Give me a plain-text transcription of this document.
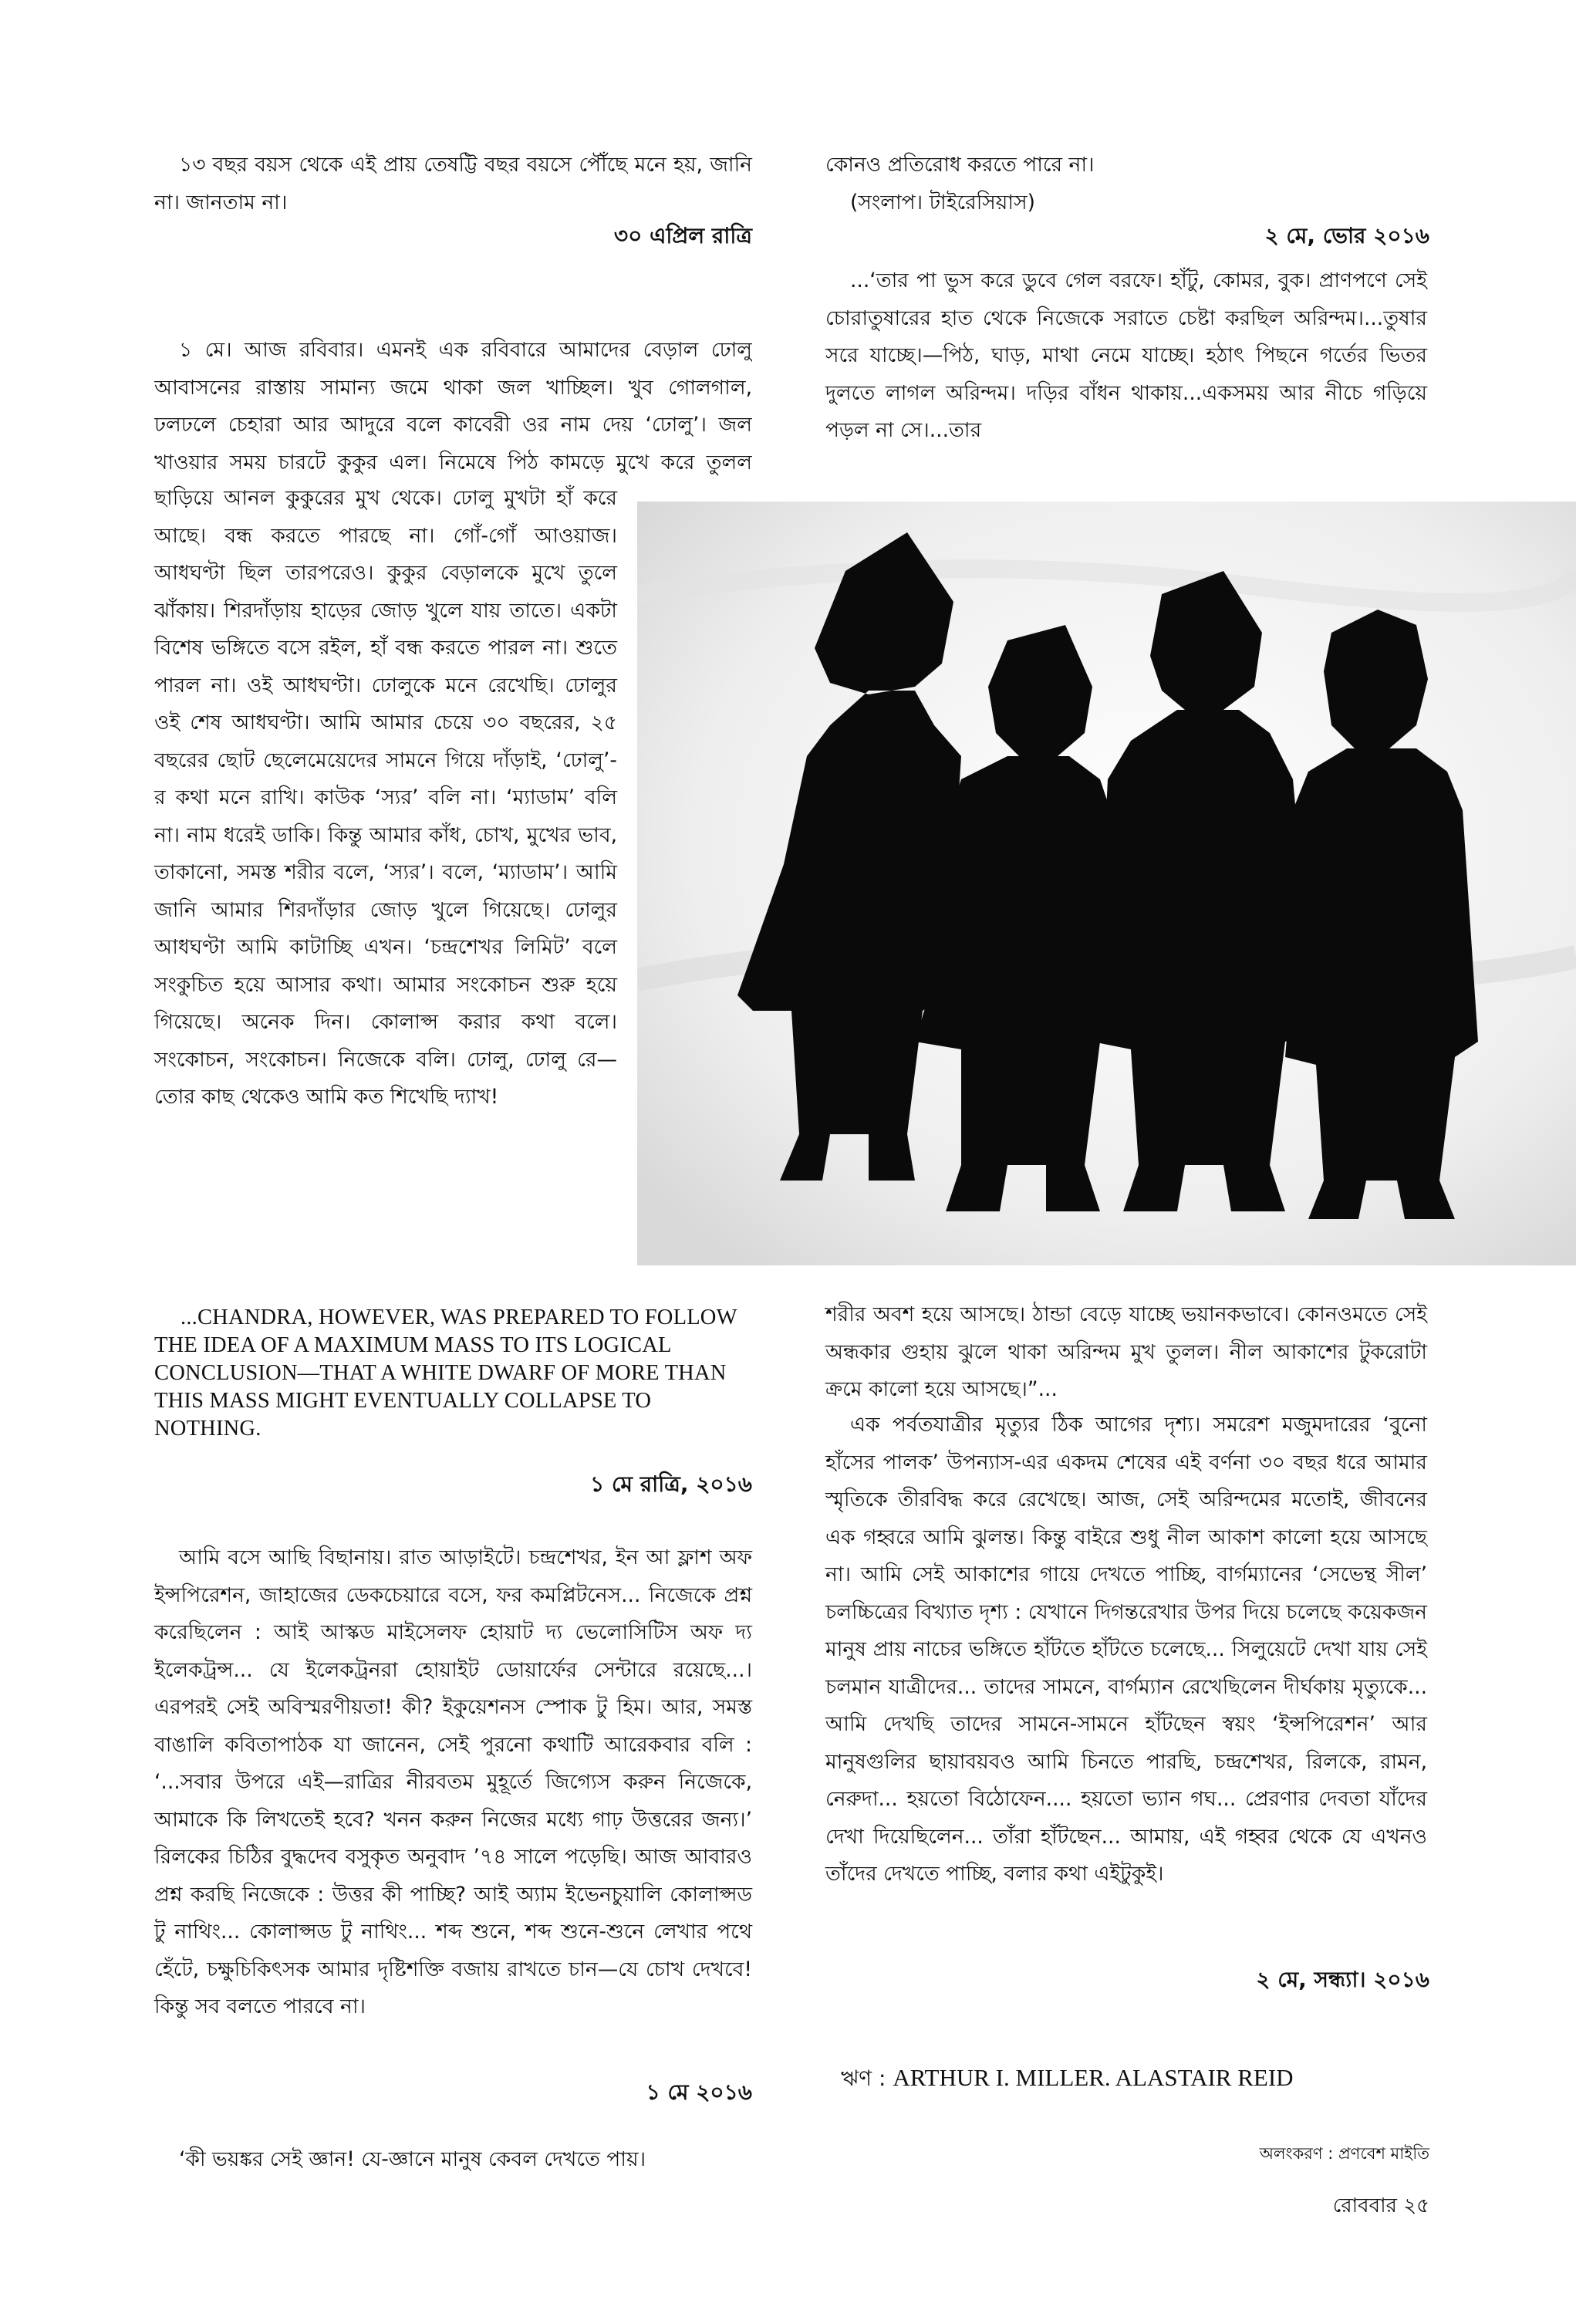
১৩ বছর বয়স থেকে এই প্রায় তেষট্টি বছর বয়সে পৌঁছে মনে হয়, জানি না। জানতাম না।

৩০ এপ্রিল রাত্রি

১ মে। আজ রবিবার। এমনই এক রবিবারে আমাদের বেড়াল ঢোলু আবাসনের রাস্তায় সামান্য জমে থাকা জল খাচ্ছিল। খুব গোলগাল, ঢলঢলে চেহারা আর আদুরে বলে কাবেরী ওর নাম দেয় ‘ঢোলু’। জল খাওয়ার সময় চারটে কুকুর এল। নিমেষে পিঠ কামড়ে মুখে করে তুলল

ছাড়িয়ে আনল কুকুরের মুখ থেকে। ঢোলু মুখটা হাঁ করে আছে। বন্ধ করতে পারছে না। গোঁ-গোঁ আওয়াজ। আধঘণ্টা ছিল তারপরেও। কুকুর বেড়ালকে মুখে তুলে ঝাঁকায়। শিরদাঁড়ায় হাড়ের জোড় খুলে যায় তাতে। একটা বিশেষ ভঙ্গিতে বসে রইল, হাঁ বন্ধ করতে পারল না। শুতে পারল না। ওই আধঘণ্টা। ঢোলুকে মনে রেখেছি। ঢোলুর ওই শেষ আধঘণ্টা। আমি আমার চেয়ে ৩০ বছরের, ২৫ বছরের ছোট ছেলেমেয়েদের সামনে গিয়ে দাঁড়াই, ‘ঢোলু’-র কথা মনে রাখি। কাউক ‘স্যর’ বলি না। ‘ম্যাডাম’ বলি না। নাম ধরেই ডাকি। কিন্তু আমার কাঁধ, চোখ, মুখের ভাব, তাকানো, সমস্ত শরীর বলে, ‘স্যর’। বলে, ‘ম্যাডাম’। আমি জানি আমার শিরদাঁড়ার জোড় খুলে গিয়েছে। ঢোলুর আধঘণ্টা আমি কাটাচ্ছি এখন। ‘চন্দ্রশেখর লিমিট’ বলে সংকুচিত হয়ে আসার কথা। আমার সংকোচন শুরু হয়ে গিয়েছে। অনেক দিন। কোলাপ্স করার কথা বলে। সংকোচন, সংকোচন। নিজেকে বলি। ঢোলু, ঢোলু রে—তোর কাছ থেকেও আমি কত শিখেছি দ্যাখ!

...CHANDRA, HOWEVER, WAS PREPARED TO FOLLOW THE IDEA OF A MAXIMUM MASS TO ITS LOGICAL CONCLUSION—THAT A WHITE DWARF OF MORE THAN THIS MASS MIGHT EVENTUALLY COLLAPSE TO NOTHING.
১ মে রাত্রি, ২০১৬

আমি বসে আছি বিছানায়। রাত আড়াইটে। চন্দ্রশেখর, ইন আ ফ্লাশ অফ ইন্সপিরেশন, জাহাজের ডেকচেয়ারে বসে, ফর কমপ্লিটনেস... নিজেকে প্রশ্ন করেছিলেন : আই আস্কড মাইসেলফ হোয়াট দ্য ভেলোসিটিস অফ দ্য ইলেকট্রন্স... যে ইলেকট্রনরা হোয়াইট ডোয়ার্ফের সেন্টারে রয়েছে...। এরপরই সেই অবিস্মরণীয়তা! কী? ইকুয়েশনস স্পোক টু হিম। আর, সমস্ত বাঙালি কবিতাপাঠক যা জানেন, সেই পুরনো কথাটি আরেকবার বলি : ‘...সবার উপরে এই—রাত্রির নীরবতম মুহূর্তে জিগ্যেস করুন নিজেকে, আমাকে কি লিখতেই হবে? খনন করুন নিজের মধ্যে গাঢ় উত্তরের জন্য।’ রিলকের চিঠির বুদ্ধদেব বসুকৃত অনুবাদ ’৭৪ সালে পড়েছি। আজ আবারও প্রশ্ন করছি নিজেকে : উত্তর কী পাচ্ছি? আই অ্যাম ইভেনচুয়ালি কোলাপ্সড টু নাথিং... কোলাপ্সড টু নাথিং... শব্দ শুনে, শব্দ শুনে-শুনে লেখার পথে হেঁটে, চক্ষুচিকিৎসক আমার দৃষ্টিশক্তি বজায় রাখতে চান—যে চোখ দেখবে! কিন্তু সব বলতে পারবে না।

১ মে ২০১৬

‘কী ভয়ঙ্কর সেই জ্ঞান! যে-জ্ঞানে মানুষ কেবল দেখতে পায়।

কোনও প্রতিরোধ করতে পারে না।

(সংলাপ। টাইরেসিয়াস)

২ মে, ভোর ২০১৬

...‘তার পা ভুস করে ডুবে গেল বরফে। হাঁটু, কোমর, বুক। প্রাণপণে সেই চোরাতুষারের হাত থেকে নিজেকে সরাতে চেষ্টা করছিল অরিন্দম।...তুষার সরে যাচ্ছে।—পিঠ, ঘাড়, মাথা নেমে যাচ্ছে। হঠাৎ পিছনে গর্তের ভিতর দুলতে লাগল অরিন্দম। দড়ির বাঁধন থাকায়...একসময় আর নীচে গড়িয়ে পড়ল না সে।...তার

শরীর অবশ হয়ে আসছে। ঠান্ডা বেড়ে যাচ্ছে ভয়ানকভাবে। কোনওমতে সেই অন্ধকার গুহায় ঝুলে থাকা অরিন্দম মুখ তুলল। নীল আকাশের টুকরোটা ক্রমে কালো হয়ে আসছে।”...

এক পর্বতযাত্রীর মৃত্যুর ঠিক আগের দৃশ্য। সমরেশ মজুমদারের ‘বুনো হাঁসের পালক’ উপন্যাস-এর একদম শেষের এই বর্ণনা ৩০ বছর ধরে আমার স্মৃতিকে তীরবিদ্ধ করে রেখেছে। আজ, সেই অরিন্দমের মতোই, জীবনের এক গহ্বরে আমি ঝুলন্ত। কিন্তু বাইরে শুধু নীল আকাশ কালো হয়ে আসছে না। আমি সেই আকাশের গায়ে দেখতে পাচ্ছি, বার্গম্যানের ‘সেভেন্থ সীল’ চলচ্চিত্রের বিখ্যাত দৃশ্য : যেখানে দিগন্তরেখার উপর দিয়ে চলেছে কয়েকজন মানুষ প্রায় নাচের ভঙ্গিতে হাঁটতে হাঁটতে চলেছে... সিলুয়েটে দেখা যায় সেই চলমান যাত্রীদের... তাদের সামনে, বার্গম্যান রেখেছিলেন দীর্ঘকায় মৃত্যুকে... আমি দেখছি তাদের সামনে-সামনে হাঁটছেন স্বয়ং ‘ইন্সপিরেশন’ আর মানুষগুলির ছায়াবয়বও আমি চিনতে পারছি, চন্দ্রশেখর, রিলকে, রামন, নেরুদা... হয়তো বিঠোফেন.... হয়তো ভ্যান গঘ... প্রেরণার দেবতা যাঁদের দেখা দিয়েছিলেন... তাঁরা হাঁটছেন... আমায়, এই গহ্বর থেকে যে এখনও তাঁদের দেখতে পাচ্ছি, বলার কথা এইটুকুই।

২ মে, সন্ধ্যা। ২০১৬
ঋণ : ARTHUR I. MILLER. ALASTAIR REID
অলংকরণ : প্রণবেশ মাইতি
রোববার ২৫
